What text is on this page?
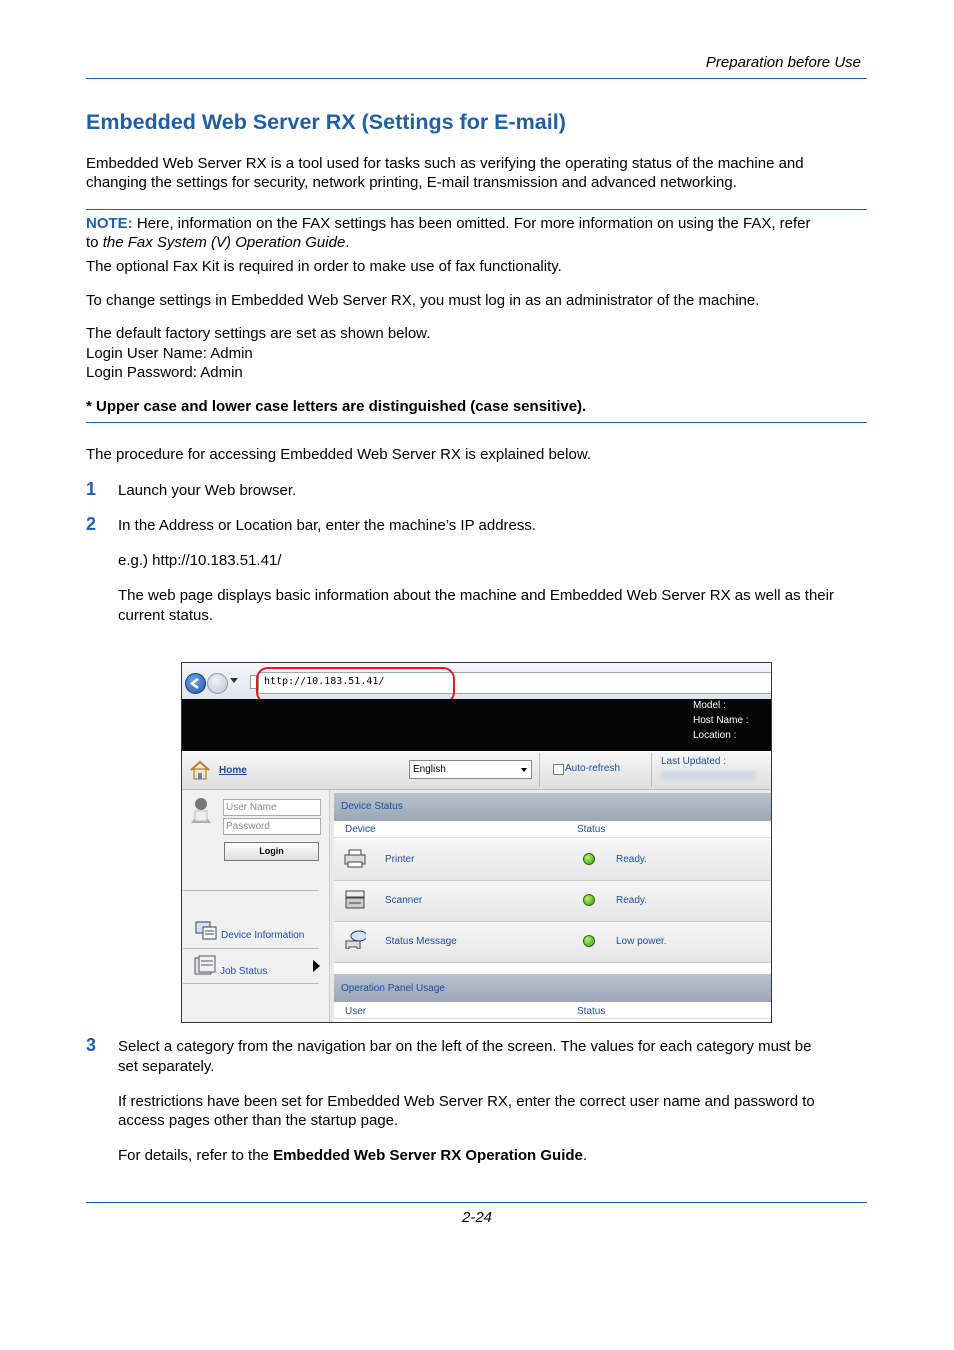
Preparation before Use
Embedded Web Server RX (Settings for E-mail)
Embedded Web Server RX is a tool used for tasks such as verifying the operating status of the machine and
changing the settings for security, network printing, E-mail transmission and advanced networking.
NOTE: Here, information on the FAX settings has been omitted. For more information on using the FAX, refer
to the Fax System (V) Operation Guide.
The optional Fax Kit is required in order to make use of fax functionality.
To change settings in Embedded Web Server RX, you must log in as an administrator of the machine.
The default factory settings are set as shown below.
Login User Name: Admin
Login Password: Admin
* Upper case and lower case letters are distinguished (case sensitive).
The procedure for accessing Embedded Web Server RX is explained below.
1 Launch your Web browser.
2 In the Address or Location bar, enter the machine’s IP address.
e.g.) http://10.183.51.41/
The web page displays basic information about the machine and Embedded Web Server RX as well as their
current status.
http://10.183.51.41/
Model :
Host Name :
Location :
Home	English	Auto-refresh
Last Updated :
User Name
Password
Login
Device Information
Job Status
Device Status
Device	Status
Printer	Ready.
Scanner	Ready.
Status Message	Low power.
Operation Panel Usage
User	Status
3 Select a category from the navigation bar on the left of the screen. The values for each category must be
set separately.
If restrictions have been set for Embedded Web Server RX, enter the correct user name and password to
access pages other than the startup page.
For details, refer to the Embedded Web Server RX Operation Guide.
2-24
